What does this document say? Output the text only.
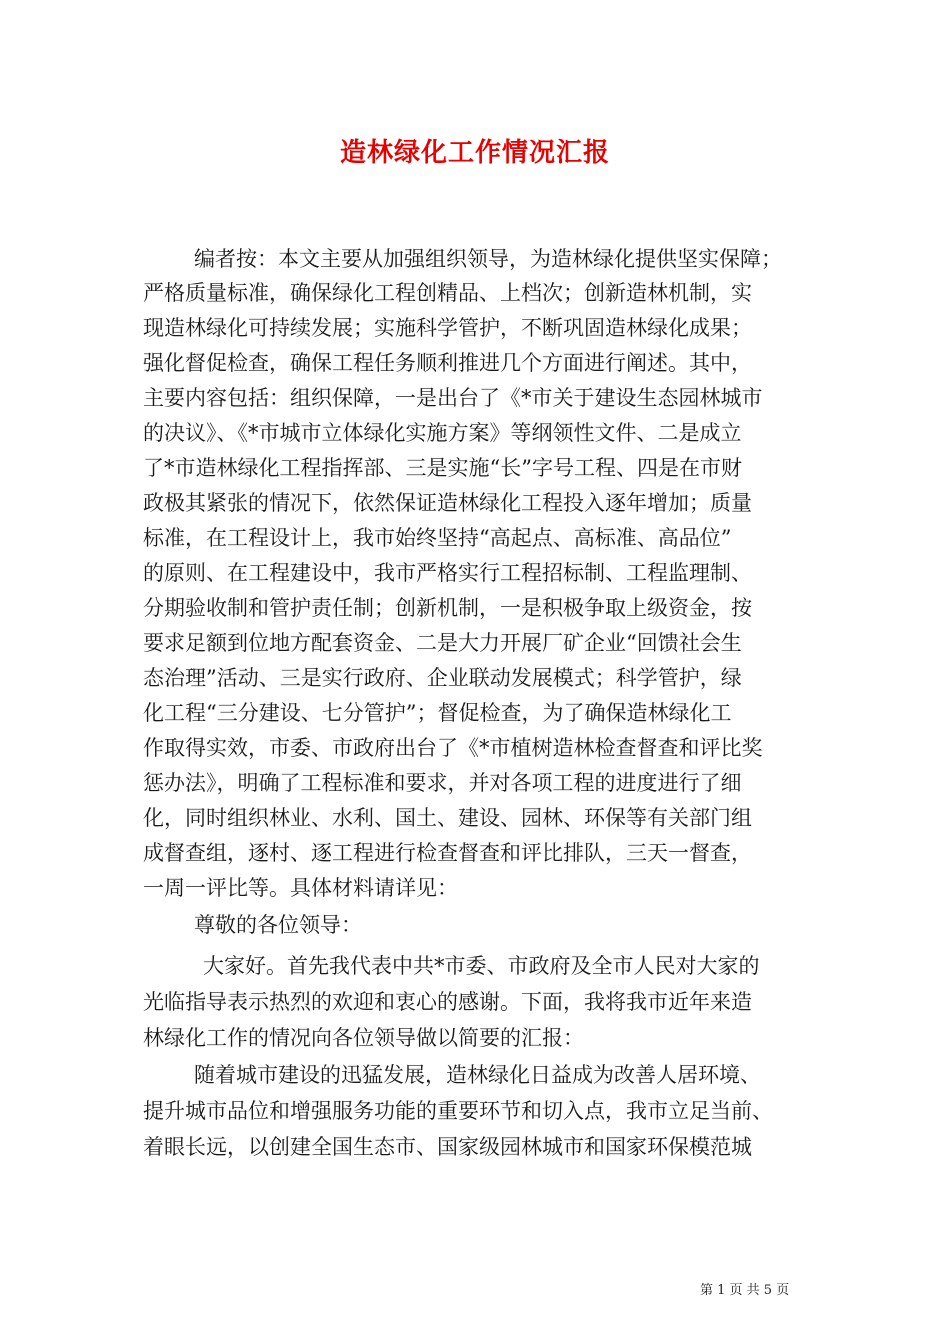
造林绿化工作情况汇报
编者按：本文主要从加强组织领导，为造林绿化提供坚实保障；
严格质量标准，确保绿化工程创精品、上档次；创新造林机制，实
现造林绿化可持续发展；实施科学管护，不断巩固造林绿化成果；
强化督促检查，确保工程任务顺利推进几个方面进行阐述。其中，
主要内容包括：组织保障，一是出台了《*市关于建设生态园林城市
的决议》、《*市城市立体绿化实施方案》等纲领性文件、二是成立
了*市造林绿化工程指挥部、三是实施“长”字号工程、四是在市财
政极其紧张的情况下，依然保证造林绿化工程投入逐年增加；质量
标准，在工程设计上，我市始终坚持“高起点、高标准、高品位”
的原则、在工程建设中，我市严格实行工程招标制、工程监理制、
分期验收制和管护责任制；创新机制，一是积极争取上级资金，按
要求足额到位地方配套资金、二是大力开展厂矿企业“回馈社会生
态治理”活动、三是实行政府、企业联动发展模式；科学管护，绿
化工程“三分建设、七分管护”；督促检查，为了确保造林绿化工
作取得实效，市委、市政府出台了《*市植树造林检查督查和评比奖
惩办法》，明确了工程标准和要求，并对各项工程的进度进行了细
化，同时组织林业、水利、国土、建设、园林、环保等有关部门组
成督查组，逐村、逐工程进行检查督查和评比排队，三天一督查，
一周一评比等。具体材料请详见：
尊敬的各位领导：
大家好。首先我代表中共*市委、市政府及全市人民对大家的
光临指导表示热烈的欢迎和衷心的感谢。下面，我将我市近年来造
林绿化工作的情况向各位领导做以简要的汇报：
随着城市建设的迅猛发展，造林绿化日益成为改善人居环境、
提升城市品位和增强服务功能的重要环节和切入点，我市立足当前、
着眼长远，以创建全国生态市、国家级园林城市和国家环保模范城
第 1 页 共 5 页
